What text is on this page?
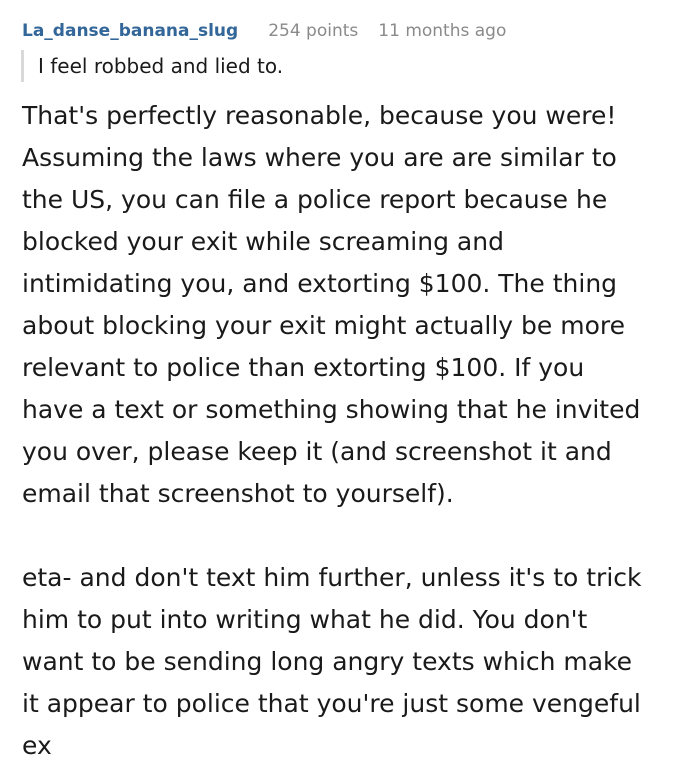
La_danse_banana_slug 254 points 11 months ago
I feel robbed and lied to.
That's perfectly reasonable, because you were!
Assuming the laws where you are are similar to
the US, you can file a police report because he
blocked your exit while screaming and
intimidating you, and extorting $100. The thing
about blocking your exit might actually be more
relevant to police than extorting $100. If you
have a text or something showing that he invited
you over, please keep it (and screenshot it and
email that screenshot to yourself).
eta- and don't text him further, unless it's to trick
him to put into writing what he did. You don't
want to be sending long angry texts which make
it appear to police that you're just some vengeful
ex
